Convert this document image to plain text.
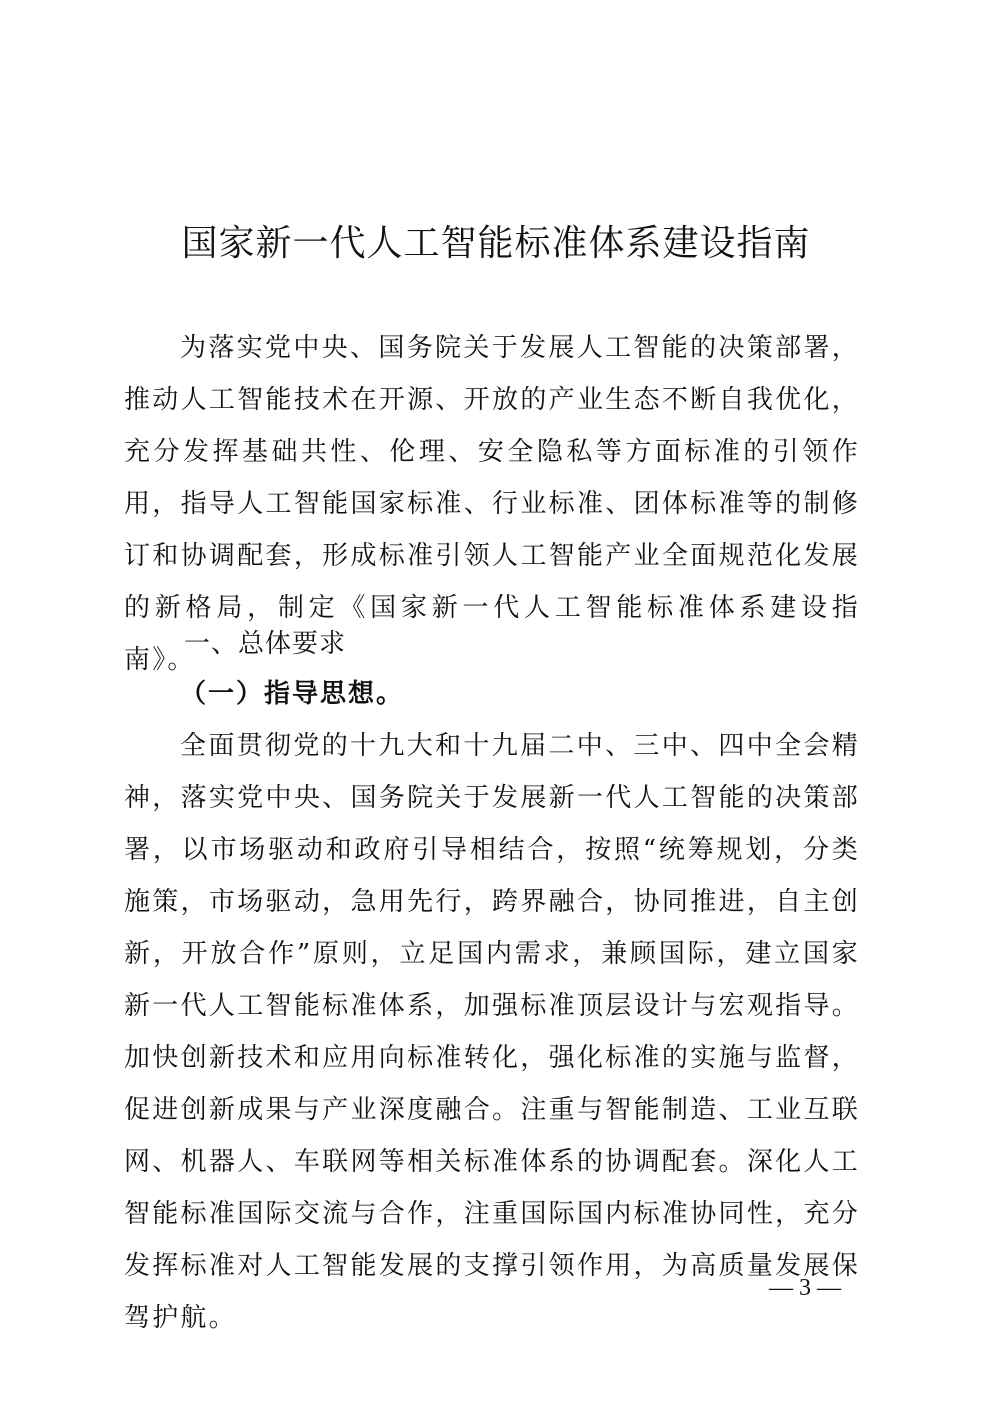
国家新一代人工智能标准体系建设指南

为落实党中央、国务院关于发展人工智能的决策部署，推动人工智能技术在开源、开放的产业生态不断自我优化，充分发挥基础共性、伦理、安全隐私等方面标准的引领作用，指导人工智能国家标准、行业标准、团体标准等的制修订和协调配套，形成标准引领人工智能产业全面规范化发展的新格局，制定《国家新一代人工智能标准体系建设指南》。

一、总体要求
（一）指导思想。

全面贯彻党的十九大和十九届二中、三中、四中全会精神，落实党中央、国务院关于发展新一代人工智能的决策部署，以市场驱动和政府引导相结合，按照“统筹规划，分类施策，市场驱动，急用先行，跨界融合，协同推进，自主创新，开放合作”原则，立足国内需求，兼顾国际，建立国家新一代人工智能标准体系，加强标准顶层设计与宏观指导。加快创新技术和应用向标准转化，强化标准的实施与监督，促进创新成果与产业深度融合。注重与智能制造、工业互联网、机器人、车联网等相关标准体系的协调配套。深化人工智能标准国际交流与合作，注重国际国内标准协同性，充分发挥标准对人工智能发展的支撑引领作用，为高质量发展保驾护航。

— 3 —
